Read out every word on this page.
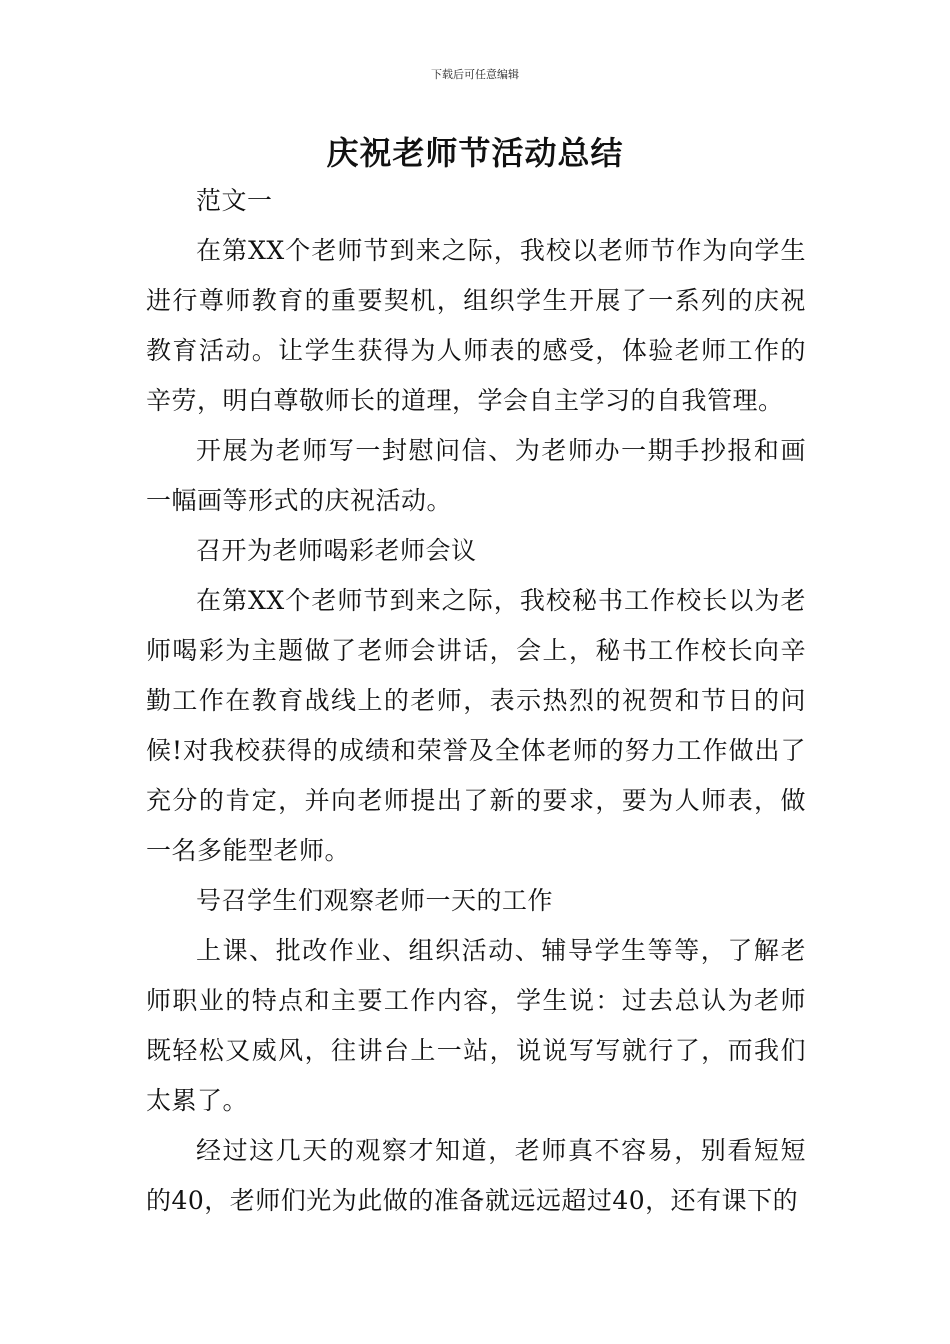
下载后可任意编辑
庆祝老师节活动总结

范文一

在第XX个老师节到来之际，我校以老师节作为向学生进行尊师教育的重要契机，组织学生开展了一系列的庆祝教育活动。让学生获得为人师表的感受，体验老师工作的辛劳，明白尊敬师长的道理，学会自主学习的自我管理。

开展为老师写一封慰问信、为老师办一期手抄报和画一幅画等形式的庆祝活动。

召开为老师喝彩老师会议

在第XX个老师节到来之际，我校秘书工作校长以为老师喝彩为主题做了老师会讲话，会上，秘书工作校长向辛勤工作在教育战线上的老师，表示热烈的祝贺和节日的问候!对我校获得的成绩和荣誉及全体老师的努力工作做出了充分的肯定，并向老师提出了新的要求，要为人师表，做一名多能型老师。

号召学生们观察老师一天的工作

上课、批改作业、组织活动、辅导学生等等，了解老师职业的特点和主要工作内容，学生说：过去总认为老师既轻松又威风，往讲台上一站，说说写写就行了，而我们太累了。

经过这几天的观察才知道，老师真不容易，别看短短的40，老师们光为此做的准备就远远超过40，还有课下的
